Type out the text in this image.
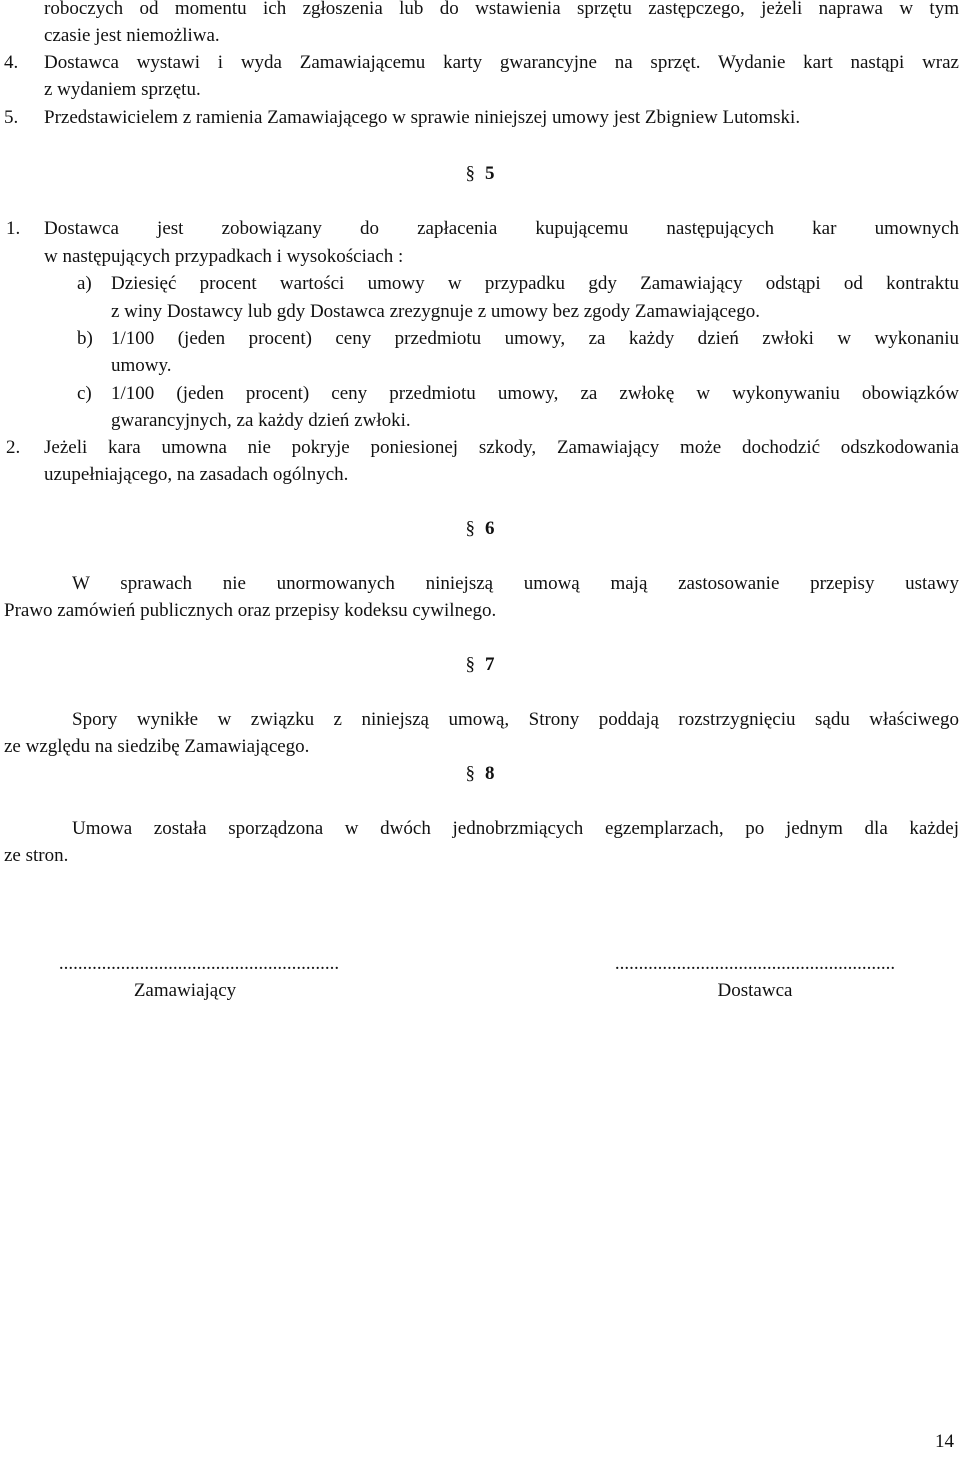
roboczych od momentu ich zgłoszenia lub do wstawienia sprzętu zastępczego, jeżeli naprawa w tym
czasie jest niemożliwa.
4. Dostawca wystawi i wyda Zamawiającemu karty gwarancyjne na sprzęt. Wydanie kart nastąpi wraz
z wydaniem sprzętu.
5. Przedstawicielem z ramienia Zamawiającego w sprawie niniejszej umowy jest Zbigniew Lutomski.
§ 5
1. Dostawca jest zobowiązany do zapłacenia kupującemu następujących kar umownych
w następujących przypadkach i wysokościach :
a) Dziesięć procent wartości umowy w przypadku gdy Zamawiający odstąpi od kontraktu
z winy Dostawcy lub gdy Dostawca zrezygnuje z umowy bez zgody Zamawiającego.
b) 1/100 (jeden procent) ceny przedmiotu umowy, za każdy dzień zwłoki w wykonaniu
umowy.
c) 1/100 (jeden procent) ceny przedmiotu umowy, za zwłokę w wykonywaniu obowiązków
gwarancyjnych, za każdy dzień zwłoki.
2. Jeżeli kara umowna nie pokryje poniesionej szkody, Zamawiający może dochodzić odszkodowania
uzupełniającego, na zasadach ogólnych.
§ 6
W sprawach nie unormowanych niniejszą umową mają zastosowanie przepisy ustawy
Prawo zamówień publicznych oraz przepisy kodeksu cywilnego.
§ 7
Spory wynikłe w związku z niniejszą umową, Strony poddają rozstrzygnięciu sądu właściwego
ze względu na siedzibę Zamawiającego.
§ 8
Umowa została sporządzona w dwóch jednobrzmiących egzemplarzach, po jednym dla każdej
ze stron.
...........................................................
Zamawiający
...........................................................
Dostawca
14
